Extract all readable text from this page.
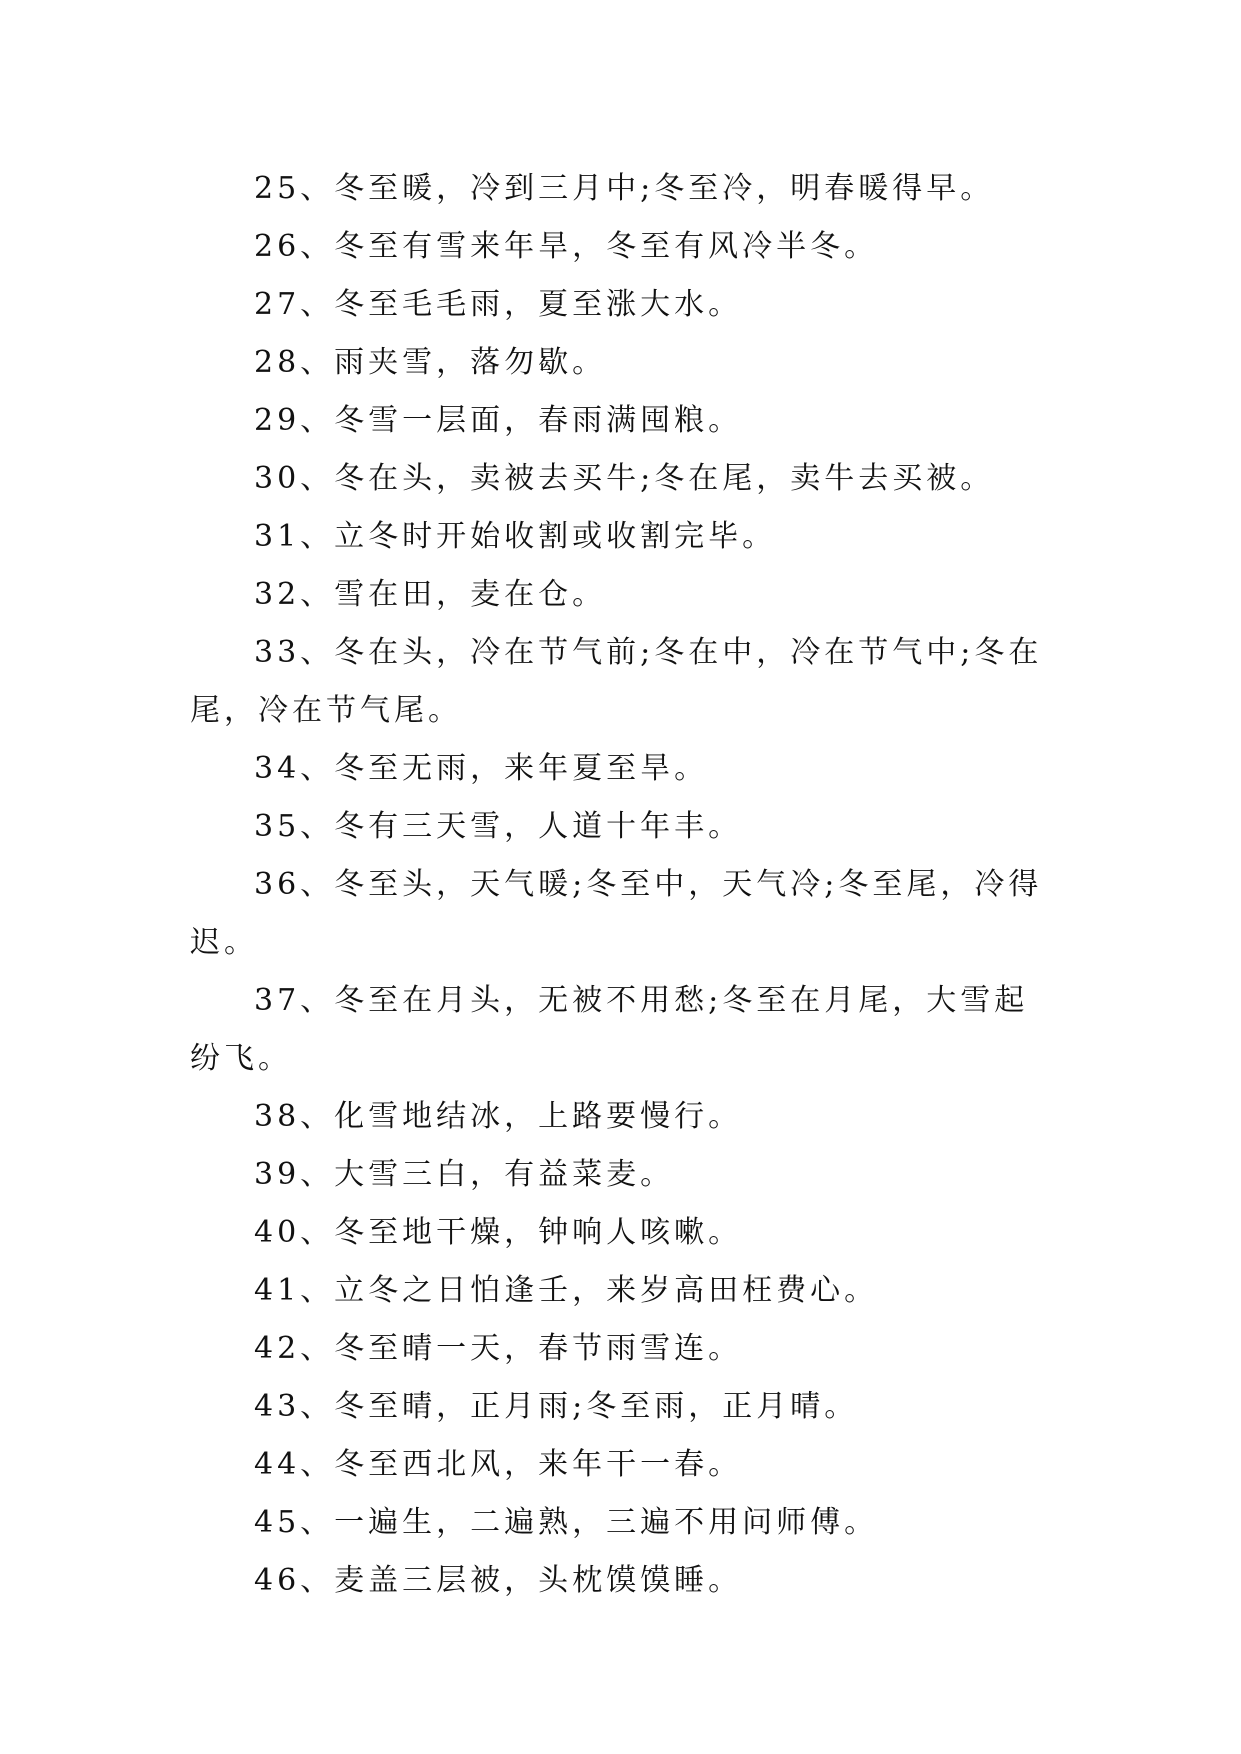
25、冬至暖，冷到三月中;冬至冷，明春暖得早。

26、冬至有雪来年旱，冬至有风冷半冬。

27、冬至毛毛雨，夏至涨大水。

28、雨夹雪，落勿歇。

29、冬雪一层面，春雨满囤粮。

30、冬在头，卖被去买牛;冬在尾，卖牛去买被。

31、立冬时开始收割或收割完毕。

32、雪在田，麦在仓。

33、冬在头，冷在节气前;冬在中，冷在节气中;冬在尾，冷在节气尾。

34、冬至无雨，来年夏至旱。

35、冬有三天雪，人道十年丰。

36、冬至头，天气暖;冬至中，天气冷;冬至尾，冷得迟。

37、冬至在月头，无被不用愁;冬至在月尾，大雪起纷飞。

38、化雪地结冰，上路要慢行。

39、大雪三白，有益菜麦。

40、冬至地干燥，钟响人咳嗽。

41、立冬之日怕逢壬，来岁高田枉费心。

42、冬至晴一天，春节雨雪连。

43、冬至晴，正月雨;冬至雨，正月晴。

44、冬至西北风，来年干一春。

45、一遍生，二遍熟，三遍不用问师傅。

46、麦盖三层被，头枕馍馍睡。
